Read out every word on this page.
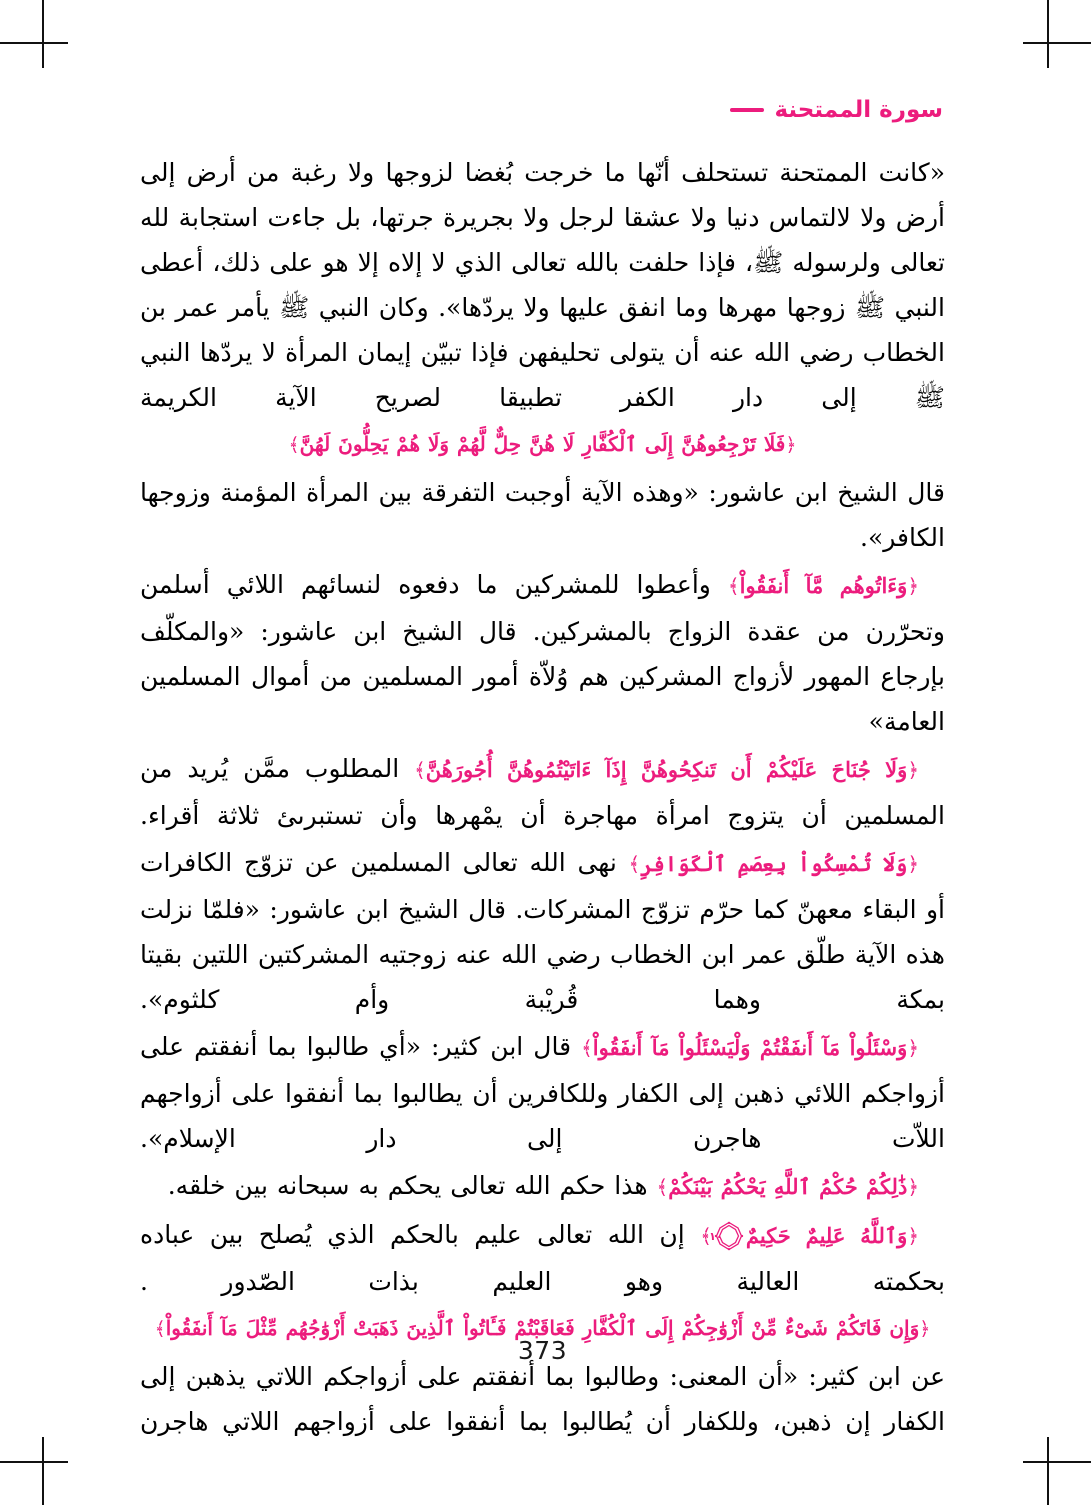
سورة الممتحنة

«كانت الممتحنة تستحلف أنّها ما خرجت بُغضا لزوجها ولا رغبة من أرض إلى أرض ولا لالتماس دنيا ولا عشقا لرجل ولا بجريرة جرتها، بل جاءت استجابة لله تعالى ولرسوله ﷺ، فإذا حلفت بالله تعالى الذي لا إلاه إلا هو على ذلك، أعطى النبي ﷺ زوجها مهرها وما انفق عليها ولا يردّها». وكان النبي ﷺ يأمر عمر بن الخطاب رضي الله عنه أن يتولى تحليفهن فإذا تبيّن إيمان المرأة لا يردّها النبي ﷺ إلى دار الكفر تطبيقا لصريح الآية الكريمة

﴿فَلَا تَرْجِعُوهُنَّ إِلَى ٱلْكُفَّارِ لَا هُنَّ حِلٌّ لَّهُمْ وَلَا هُمْ يَحِلُّونَ لَهُنَّ﴾

قال الشيخ ابن عاشور: «وهذه الآية أوجبت التفرقة بين المرأة المؤمنة وزوجها الكافر».

﴿وَءَاتُوهُم مَّآ أَنفَقُواْ﴾ وأعطوا للمشركين ما دفعوه لنسائهم اللائي أسلمن وتحرّرن من عقدة الزواج بالمشركين. قال الشيخ ابن عاشور: «والمكلّف بإرجاع المهور لأزواج المشركين هم وُلاّة أمور المسلمين من أموال المسلمين العامة»

﴿وَلَا جُنَاحَ عَلَيْكُمْ أَن تَنكِحُوهُنَّ إِذَآ ءَاتَيْتُمُوهُنَّ أُجُورَهُنَّ﴾ المطلوب ممَّن يُريد من المسلمين أن يتزوج امرأة مهاجرة أن يمْهرها وأن تستبرىئ ثلاثة أقراء.

﴿وَلَا تُمْسِكُواْ بِعِصَمِ ٱلْكَوَافِرِ﴾ نهى الله تعالى المسلمين عن تزوّج الكافرات أو البقاء معهنّ كما حرّم تزوّج المشركات. قال الشيخ ابن عاشور: «فلمّا نزلت هذه الآية طلّق عمر ابن الخطاب رضي الله عنه زوجتيه المشركتين اللتين بقيتا بمكة وهما قُريْبة وأم كلثوم».

﴿وَسْئَلُواْ مَآ أَنفَقْتُمْ وَلْيَسْئَلُواْ مَآ أَنفَقُواْ﴾ قال ابن كثير: «أي طالبوا بما أنفقتم على أزواجكم اللائي ذهبن إلى الكفار وللكافرين أن يطالبوا بما أنفقوا على أزواجهم اللاّت هاجرن إلى دار الإسلام».

﴿ذَٰلِكُمْ حُكْمُ ٱللَّهِ يَحْكُمُ بَيْنَكُمْ﴾ هذا حكم الله تعالى يحكم به سبحانه بين خلقه.

﴿وَٱللَّهُ عَلِيمٌ حَكِيمٌ
١٠
﴾ إن الله تعالى عليم بالحكم الذي يُصلح بين عباده بحكمته العالية وهو العليم بذات الصّدور .

﴿وَإِن فَاتَكُمْ شَىْءٌ مِّنْ أَزْوَٰجِكُمْ إِلَى ٱلْكُفَّارِ فَعَاقَبْتُمْ فَـَٔاتُواْ ٱلَّذِينَ ذَهَبَتْ أَزْوَٰجُهُم مِّثْلَ مَآ أَنفَقُواْ﴾

عن ابن كثير: «أن المعنى: وطالبوا بما أنفقتم على أزواجكم اللاتي يذهبن إلى الكفار إن ذهبن، وللكفار أن يُطالبوا بما أنفقوا على أزواجهم اللاتي هاجرن

373
